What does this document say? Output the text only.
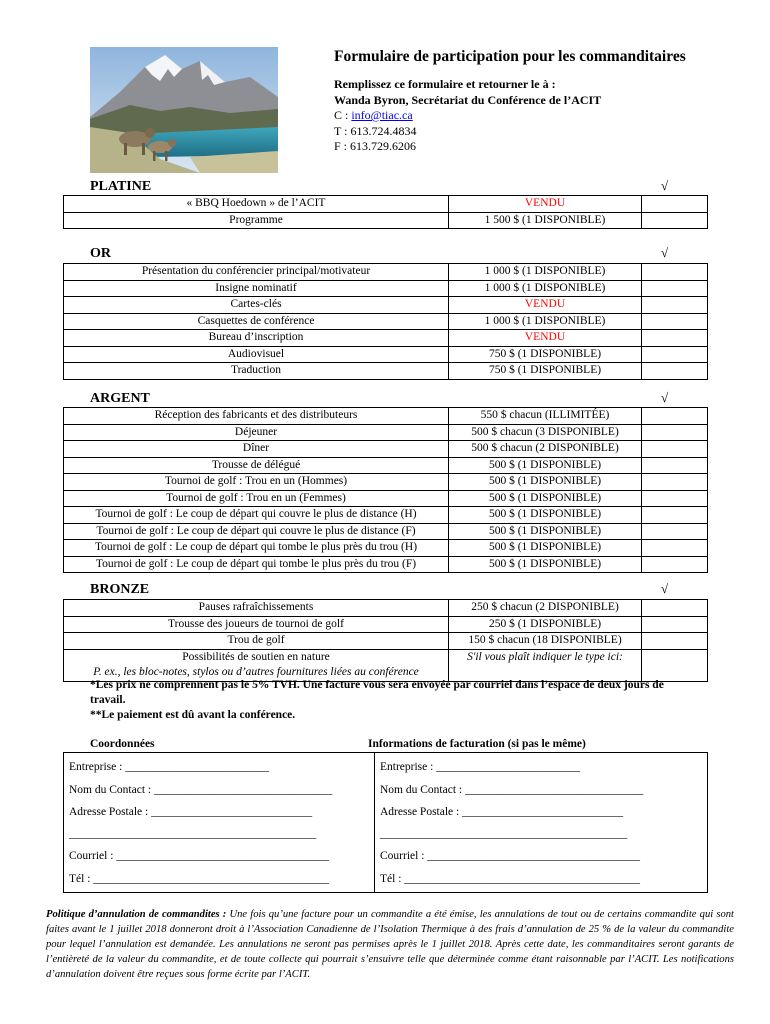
Formulaire de participation pour les commanditaires
Remplissez ce formulaire et retourner le à :
Wanda Byron, Secrétariat du Conférence de l’ACIT
C : info@tiac.ca
T : 613.724.4834
F : 613.729.6206
PLATINE	√
« BBQ Hoedown » de l’ACIT	VENDU	
Programme	1 500 $ (1 DISPONIBLE)	
OR	√
Présentation du conférencier principal/motivateur	1 000 $ (1 DISPONIBLE)	
Insigne nominatif	1 000 $ (1 DISPONIBLE)	
Cartes-clés	VENDU	
Casquettes de conférence	1 000 $ (1 DISPONIBLE)	
Bureau d’inscription	VENDU	
Audiovisuel	750 $ (1 DISPONIBLE)	
Traduction	750 $ (1 DISPONIBLE)	
ARGENT	√
Réception des fabricants et des distributeurs	550 $ chacun (ILLIMITÉE)	
Déjeuner	500 $ chacun (3 DISPONIBLE)	
Dîner	500 $ chacun (2 DISPONIBLE)	
Trousse de délégué	500 $ (1 DISPONIBLE)	
Tournoi de golf : Trou en un (Hommes)	500 $ (1 DISPONIBLE)	
Tournoi de golf : Trou en un (Femmes)	500 $ (1 DISPONIBLE)	
Tournoi de golf : Le coup de départ qui couvre le plus de distance (H)	500 $ (1 DISPONIBLE)	
Tournoi de golf : Le coup de départ qui couvre le plus de distance (F)	500 $ (1 DISPONIBLE)	
Tournoi de golf : Le coup de départ qui tombe le plus près du trou (H)	500 $ (1 DISPONIBLE)	
Tournoi de golf : Le coup de départ qui tombe le plus près du trou (F)	500 $ (1 DISPONIBLE)	
BRONZE	√
Pauses rafraîchissements	250 $ chacun (2 DISPONIBLE)	
Trousse des joueurs de tournoi de golf	250 $ (1 DISPONIBLE)	
Trou de golf	150 $ chacun (18 DISPONIBLE)	
Possibilités de soutien en nature
P. ex., les bloc-notes, stylos ou d’autres fournitures liées au conférence	S'il vous plaît indiquer le type ici:	
*Les prix ne comprennent pas le 5% TVH. Une facture vous sera envoyée par courriel dans l’espace de deux jours de travail.
**Le paiement est dû avant la conférence.
Coordonnées	Informations de facturation (si pas le même)
Entreprise : _________________________
Nom du Contact : _______________________________
Adresse Postale : ____________________________
___________________________________________
Courriel : _____________________________________
Tél : _________________________________________
Entreprise : _________________________
Nom du Contact : _______________________________
Adresse Postale : ____________________________
___________________________________________
Courriel : _____________________________________
Tél : _________________________________________
Politique d’annulation de commandites : Une fois qu’une facture pour un commandite a été émise, les annulations de tout ou de certains commandite qui sont faites avant le 1 juillet 2018 donneront droit à l’Association Canadienne de l’Isolation Thermique à des frais d’annulation de 25 % de la valeur du commandite pour lequel l’annulation est demandée. Les annulations ne seront pas permises après le 1 juillet 2018. Après cette date, les commanditaires seront garants de l’entièreté de la valeur du commandite, et de toute collecte qui pourrait s’ensuivre telle que déterminée comme étant raisonnable par l’ACIT. Les notifications d’annulation doivent être reçues sous forme écrite par l’ACIT.
